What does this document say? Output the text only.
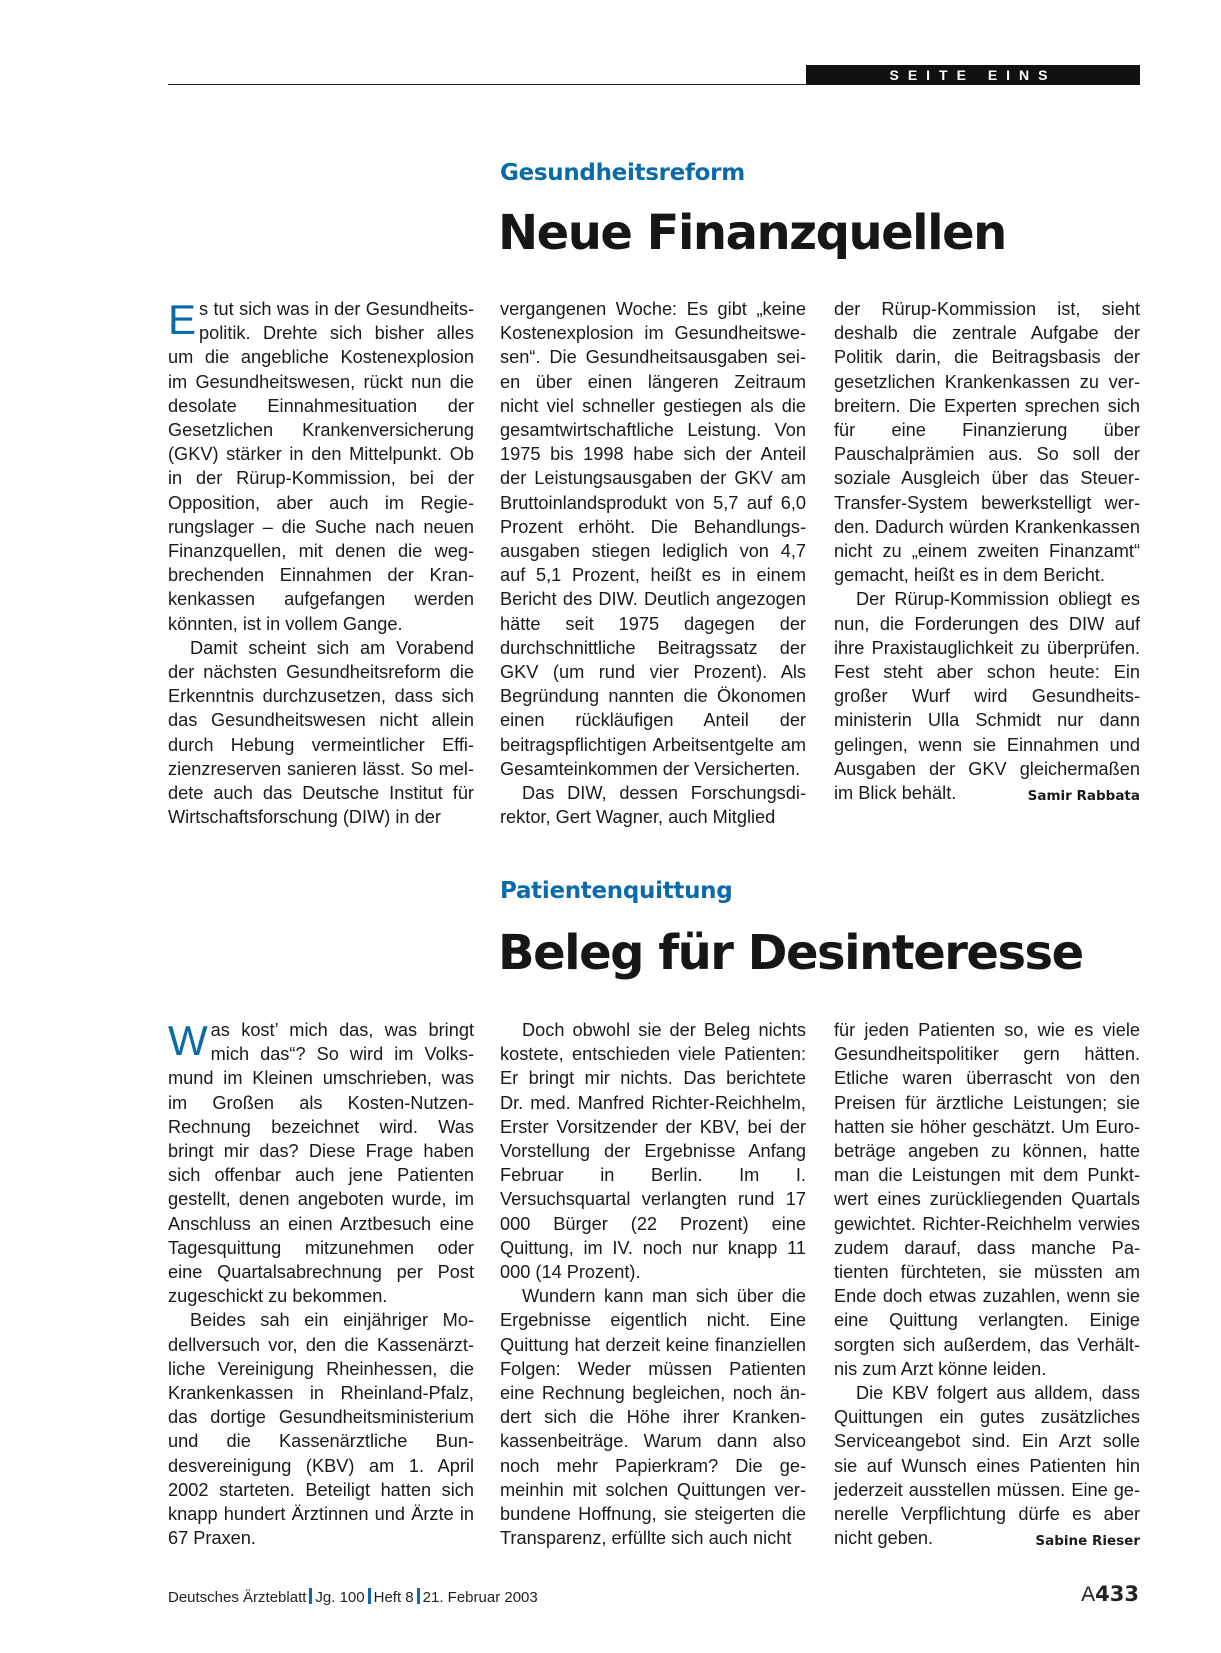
SEITE EINS
Gesundheitsreform
Neue Finanzquellen

Es tut sich was in der Gesundheitspolitik. Drehte sich bisher alles um die angebliche Kostenexplosion im Gesundheitswesen, rückt nun die desolate Einnahmesituation der Gesetzlichen Krankenversicherung (GKV) stärker in den Mittelpunkt. Ob in der Rürup-Kommission, bei der Opposition, aber auch im Regierungslager – die Suche nach neuen Finanzquellen, mit denen die wegbrechenden Einnahmen der Krankenkassen aufgefangen werden könnten, ist in vollem Gange.

Damit scheint sich am Vorabend der nächsten Gesundheitsreform die Erkenntnis durchzusetzen, dass sich das Gesundheitswesen nicht allein durch Hebung vermeintlicher Effizienzreserven sanieren lässt. So meldete auch das Deutsche Institut für Wirtschaftsforschung (DIW) in der

vergangenen Woche: Es gibt „keine Kostenexplosion im Gesundheitswesen“. Die Gesundheitsausgaben seien über einen längeren Zeitraum nicht viel schneller gestiegen als die gesamtwirtschaftliche Leistung. Von 1975 bis 1998 habe sich der Anteil der Leistungsausgaben der GKV am Bruttoinlandsprodukt von 5,7 auf 6,0 Prozent erhöht. Die Behandlungsausgaben stiegen lediglich von 4,7 auf 5,1 Prozent, heißt es in einem Bericht des DIW. Deutlich angezogen hätte seit 1975 dagegen der durchschnittliche Beitragssatz der GKV (um rund vier Prozent). Als Begründung nannten die Ökonomen einen rückläufigen Anteil der beitragspflichtigen Arbeitsentgelte am Gesamteinkommen der Versicherten.

Das DIW, dessen Forschungsdirektor, Gert Wagner, auch Mitglied

der Rürup-Kommission ist, sieht deshalb die zentrale Aufgabe der Politik darin, die Beitragsbasis der gesetzlichen Krankenkassen zu verbreitern. Die Experten sprechen sich für eine Finanzierung über Pauschalprämien aus. So soll der soziale Ausgleich über das Steuer-Transfer-System bewerkstelligt werden. Dadurch würden Krankenkassen nicht zu „einem zweiten Finanzamt“ gemacht, heißt es in dem Bericht.

Der Rürup-Kommission obliegt es nun, die Forderungen des DIW auf ihre Praxistauglichkeit zu überprüfen. Fest steht aber schon heute: Ein großer Wurf wird Gesundheitsministerin Ulla Schmidt nur dann gelingen, wenn sie Einnahmen und Ausgaben der GKV gleichermaßen im Blick behält.	Samir Rabbata

Patientenquittung
Beleg für Desinteresse

Was kost’ mich das, was bringt mich das“? So wird im Volksmund im Kleinen umschrieben, was im Großen als Kosten-Nutzen-Rechnung bezeichnet wird. Was bringt mir das? Diese Frage haben sich offenbar auch jene Patienten gestellt, denen angeboten wurde, im Anschluss an einen Arztbesuch eine Tagesquittung mitzunehmen oder eine Quartalsabrechnung per Post zugeschickt zu bekommen.

Beides sah ein einjähriger Modellversuch vor, den die Kassenärztliche Vereinigung Rheinhessen, die Krankenkassen in Rheinland-Pfalz, das dortige Gesundheitsministerium und die Kassenärztliche Bundesvereinigung (KBV) am 1. April 2002 starteten. Beteiligt hatten sich knapp hundert Ärztinnen und Ärzte in 67 Praxen.

Doch obwohl sie der Beleg nichts kostete, entschieden viele Patienten: Er bringt mir nichts. Das berichtete Dr. med. Manfred Richter-Reichhelm, Erster Vorsitzender der KBV, bei der Vorstellung der Ergebnisse Anfang Februar in Berlin. Im I. Versuchsquartal verlangten rund 17 000 Bürger (22 Prozent) eine Quittung, im IV. noch nur knapp 11 000 (14 Prozent).

Wundern kann man sich über die Ergebnisse eigentlich nicht. Eine Quittung hat derzeit keine finanziellen Folgen: Weder müssen Patienten eine Rechnung begleichen, noch ändert sich die Höhe ihrer Krankenkassenbeiträge. Warum dann also noch mehr Papierkram? Die gemeinhin mit solchen Quittungen verbundene Hoffnung, sie steigerten die Transparenz, erfüllte sich auch nicht

für jeden Patienten so, wie es viele Gesundheitspolitiker gern hätten. Etliche waren überrascht von den Preisen für ärztliche Leistungen; sie hatten sie höher geschätzt. Um Eurobeträge angeben zu können, hatte man die Leistungen mit dem Punktwert eines zurückliegenden Quartals gewichtet. Richter-Reichhelm verwies zudem darauf, dass manche Patienten fürchteten, sie müssten am Ende doch etwas zuzahlen, wenn sie eine Quittung verlangten. Einige sorgten sich außerdem, das Verhältnis zum Arzt könne leiden.

Die KBV folgert aus alldem, dass Quittungen ein gutes zusätzliches Serviceangebot sind. Ein Arzt solle sie auf Wunsch eines Patienten hin jederzeit ausstellen müssen. Eine generelle Verpflichtung dürfe es aber nicht geben.	Sabine Rieser

Deutsches Ärzteblatt Jg. 100 Heft 8 21. Februar 2003	A433
